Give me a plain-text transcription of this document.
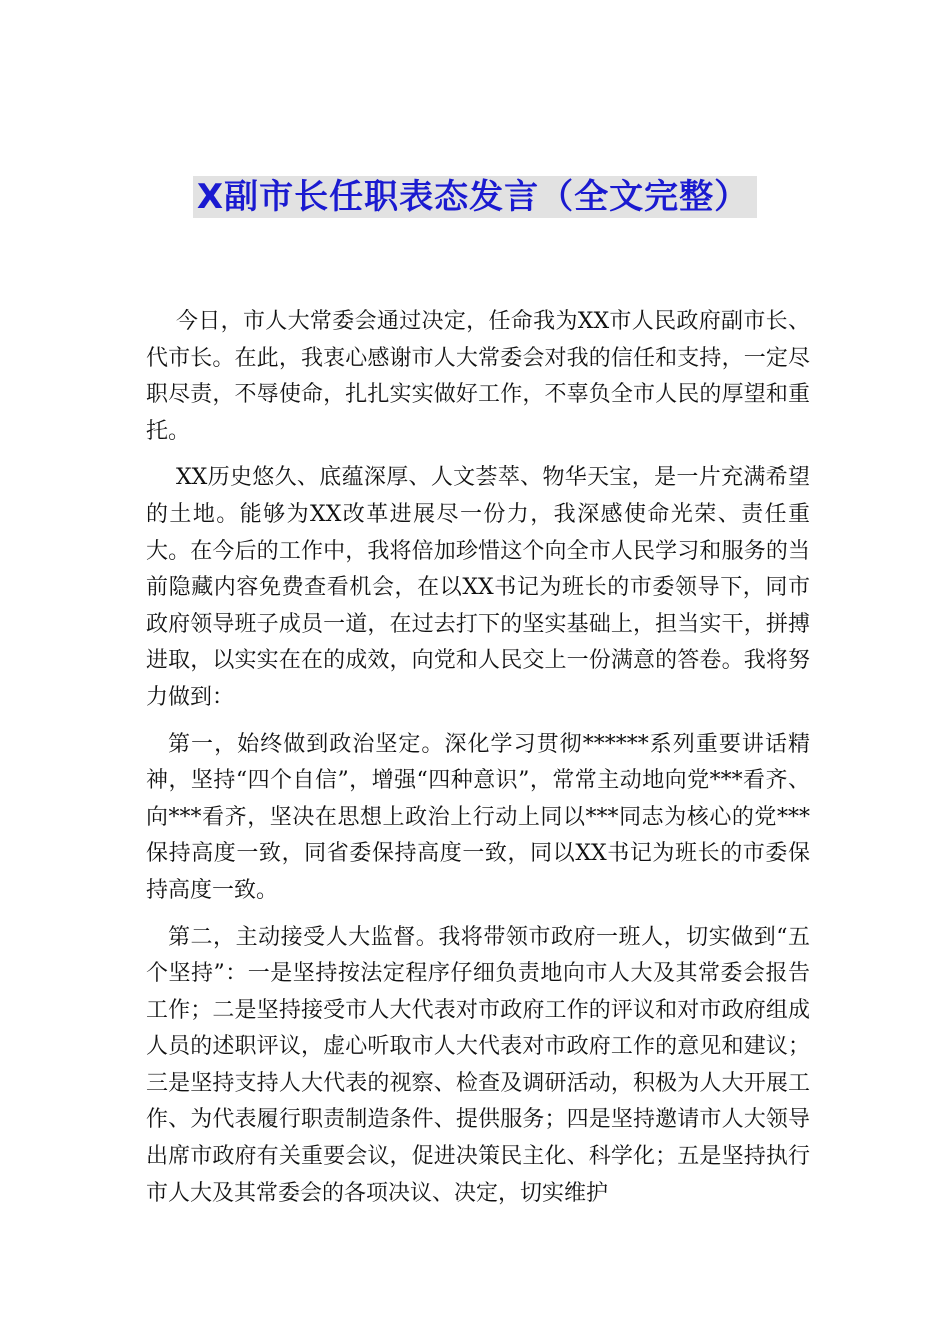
X副市长任职表态发言（全文完整）

今日，市人大常委会通过决定，任命我为XX市人民政府副市长、代市长。在此，我衷心感谢市人大常委会对我的信任和支持，一定尽职尽责，不辱使命，扎扎实实做好工作，不辜负全市人民的厚望和重托。

XX历史悠久、底蕴深厚、人文荟萃、物华天宝，是一片充满希望的土地。能够为XX改革进展尽一份力，我深感使命光荣、责任重大。在今后的工作中，我将倍加珍惜这个向全市人民学习和服务的当前隐藏内容免费查看机会，在以XX书记为班长的市委领导下，同市政府领导班子成员一道，在过去打下的坚实基础上，担当实干，拼搏进取，以实实在在的成效，向党和人民交上一份满意的答卷。我将努力做到：

第一，始终做到政治坚定。深化学习贯彻******系列重要讲话精神，坚持“四个自信”，增强“四种意识”，常常主动地向党***看齐、向***看齐，坚决在思想上政治上行动上同以***同志为核心的党***保持高度一致，同省委保持高度一致，同以XX书记为班长的市委保持高度一致。

第二，主动接受人大监督。我将带领市政府一班人，切实做到“五个坚持”：一是坚持按法定程序仔细负责地向市人大及其常委会报告工作；二是坚持接受市人大代表对市政府工作的评议和对市政府组成人员的述职评议，虚心听取市人大代表对市政府工作的意见和建议；三是坚持支持人大代表的视察、检查及调研活动，积极为人大开展工作、为代表履行职责制造条件、提供服务；四是坚持邀请市人大领导出席市政府有关重要会议，促进决策民主化、科学化；五是坚持执行市人大及其常委会的各项决议、决定，切实维护
